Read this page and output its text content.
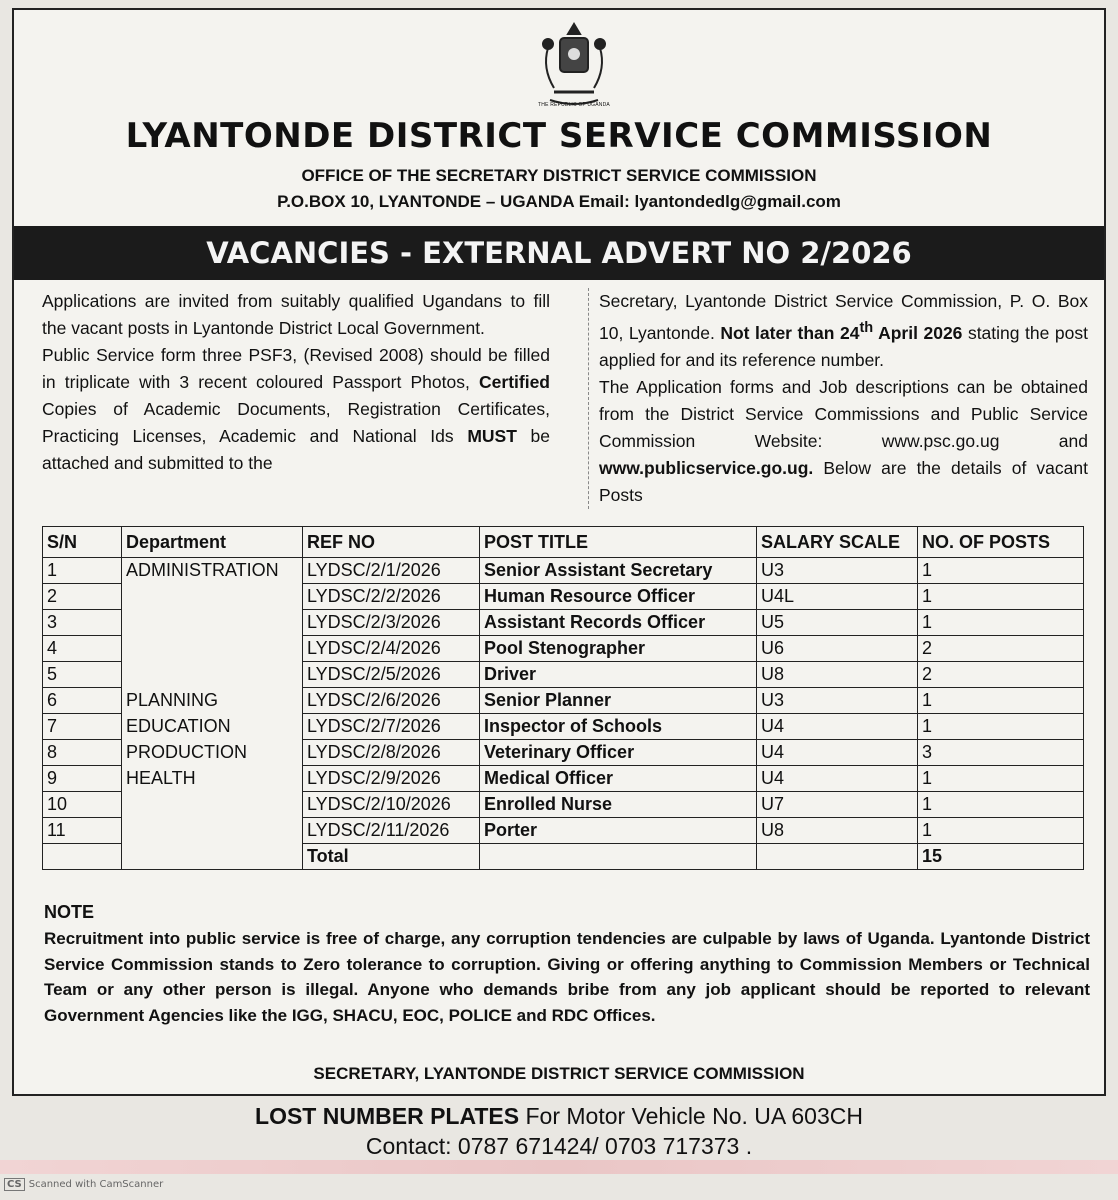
THE REPUBLIC OF UGANDA
LYANTONDE DISTRICT SERVICE COMMISSION
OFFICE OF THE SECRETARY DISTRICT SERVICE COMMISSION
P.O.BOX 10, LYANTONDE – UGANDA Email: lyantondedlg@gmail.com
VACANCIES - EXTERNAL ADVERT NO 2/2026

Applications are invited from suitably qualified Ugandans to fill the vacant posts in Lyantonde District Local Government.

Public Service form three PSF3, (Revised 2008) should be filled in triplicate with 3 recent coloured Passport Photos, Certified Copies of Academic Documents, Registration Certificates, Practicing Licenses, Academic and National Ids MUST be attached and submitted to the

Secretary, Lyantonde District Service Commission, P. O. Box 10, Lyantonde. Not later than 24th April 2026 stating the post applied for and its reference number.

The Application forms and Job descriptions can be obtained from the District Service Commissions and Public Service Commission Website: www.psc.go.ug and www.publicservice.go.ug. Below are the details of vacant Posts

S/N	Department	REF NO	POST TITLE	SALARY SCALE	NO. OF POSTS
1	ADMINISTRATION	LYDSC/2/1/2026	Senior Assistant Secretary	U3	1
2		LYDSC/2/2/2026	Human Resource Officer	U4L	1
3		LYDSC/2/3/2026	Assistant Records Officer	U5	1
4		LYDSC/2/4/2026	Pool Stenographer	U6	2
5		LYDSC/2/5/2026	Driver	U8	2
6	PLANNING	LYDSC/2/6/2026	Senior Planner	U3	1
7	EDUCATION	LYDSC/2/7/2026	Inspector of Schools	U4	1
8	PRODUCTION	LYDSC/2/8/2026	Veterinary Officer	U4	3
9	HEALTH	LYDSC/2/9/2026	Medical Officer	U4	1
10		LYDSC/2/10/2026	Enrolled Nurse	U7	1
11		LYDSC/2/11/2026	Porter	U8	1
		Total			15
NOTE
Recruitment into public service is free of charge, any corruption tendencies are culpable by laws of Uganda. Lyantonde District Service Commission stands to Zero tolerance to corruption. Giving or offering anything to Commission Members or Technical Team or any other person is illegal. Anyone who demands bribe from any job applicant should be reported to relevant Government Agencies like the IGG, SHACU, EOC, POLICE and RDC Offices.
SECRETARY, LYANTONDE DISTRICT SERVICE COMMISSION
LOST NUMBER PLATES For Motor Vehicle No. UA 603CH
Contact: 0787 671424/ 0703 717373 .
CS Scanned with CamScanner
